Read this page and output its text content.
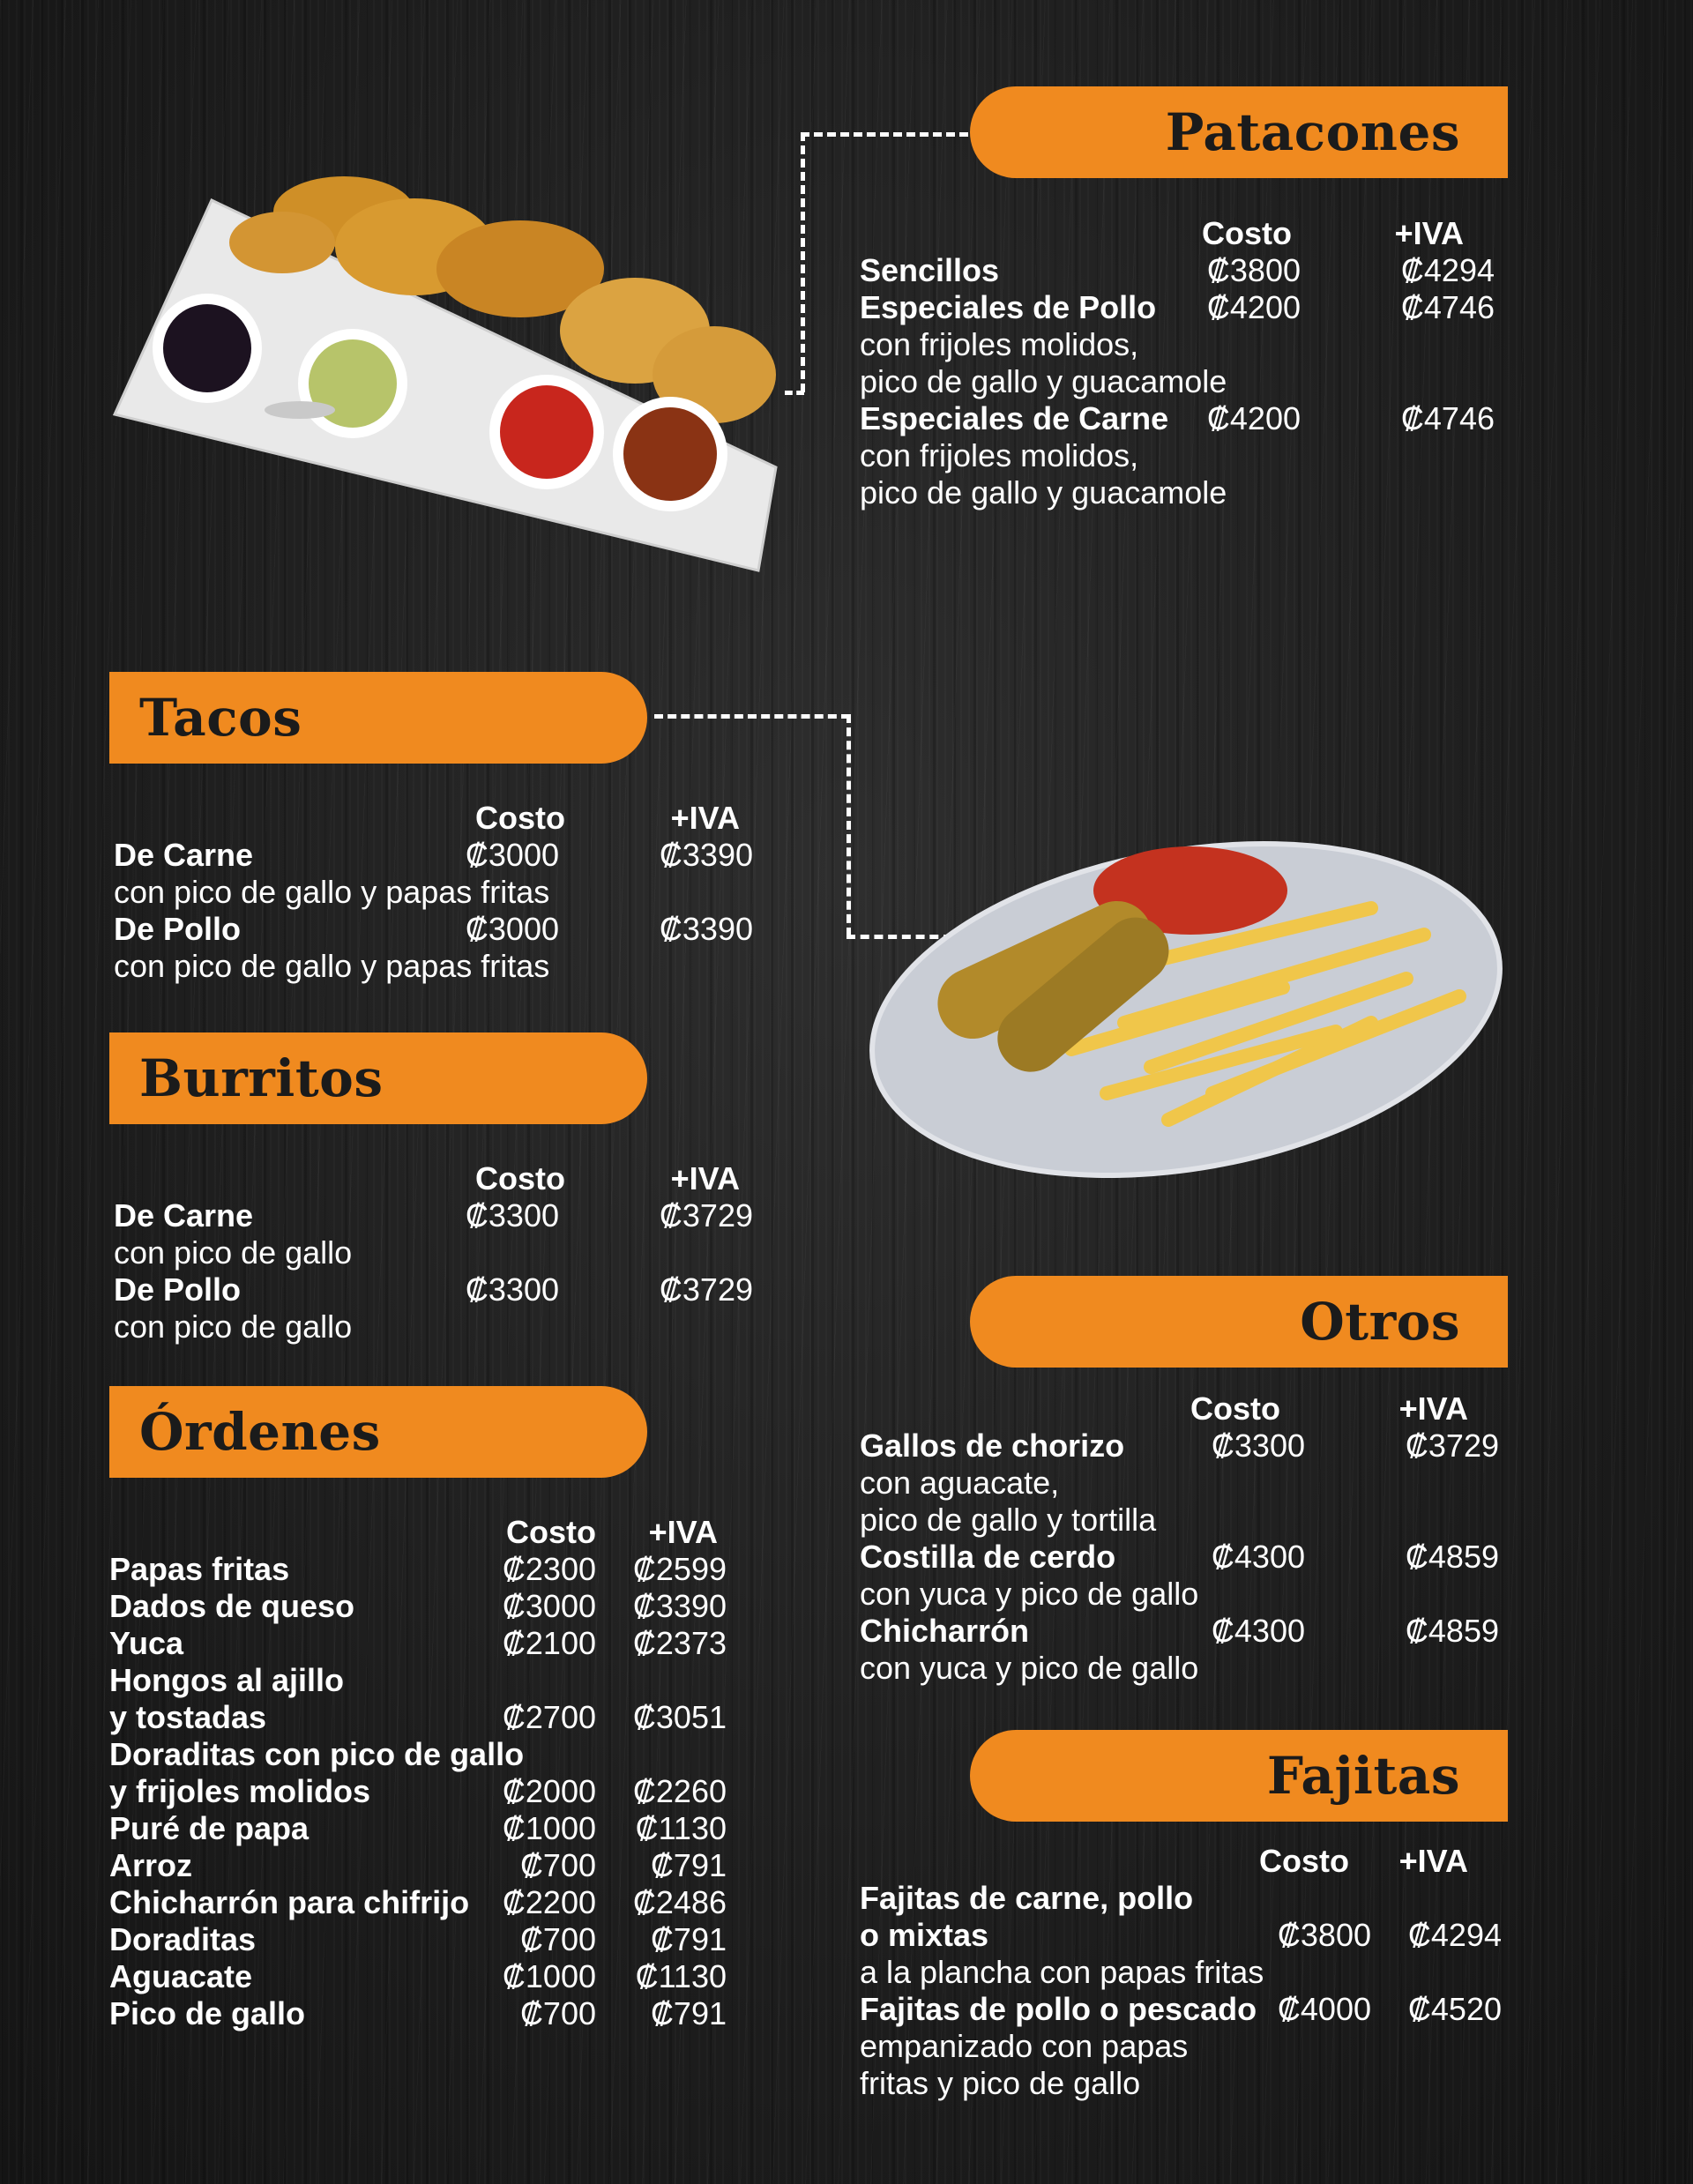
Patacones
Costo	+IVA
Sencillos	₡3800	₡4294
Especiales de Pollo ₡4200	₡4746
con frijoles molidos,
pico de gallo y guacamole
Especiales de Carne ₡4200	₡4746
con frijoles molidos,
pico de gallo y guacamole
Tacos
Costo	+IVA
De Carne	₡3000	₡3390
con pico de gallo y papas fritas
De Pollo	₡3000	₡3390
con pico de gallo y papas fritas
Burritos
Costo	+IVA
De Carne	₡3300	₡3729
con pico de gallo
De Pollo	₡3300	₡3729
con pico de gallo
Órdenes
Costo	+IVA
Papas fritas	₡2300 ₡2599
Dados de queso	₡3000 ₡3390
Yuca	₡2100 ₡2373
Hongos al ajillo
y tostadas	₡2700 ₡3051
Doraditas con pico de gallo
y frijoles molidos	₡2000 ₡2260
Puré de papa	₡1000 ₡1130
Arroz	₡700 ₡791
Chicharrón para chifrijo ₡2200 ₡2486
Doraditas	₡700 ₡791
Aguacate	₡1000 ₡1130
Pico de gallo	₡700 ₡791
Otros
Costo	+IVA
Gallos de chorizo	₡3300	₡3729
con aguacate,
pico de gallo y tortilla
Costilla de cerdo	₡4300	₡4859
con yuca y pico de gallo
Chicharrón	₡4300	₡4859
con yuca y pico de gallo
Fajitas
Costo	+IVA
Fajitas de carne, pollo
o mixtas	₡3800 ₡4294
a la plancha con papas fritas
Fajitas de pollo o pescado ₡4000 ₡4520
empanizado con papas
fritas y pico de gallo
